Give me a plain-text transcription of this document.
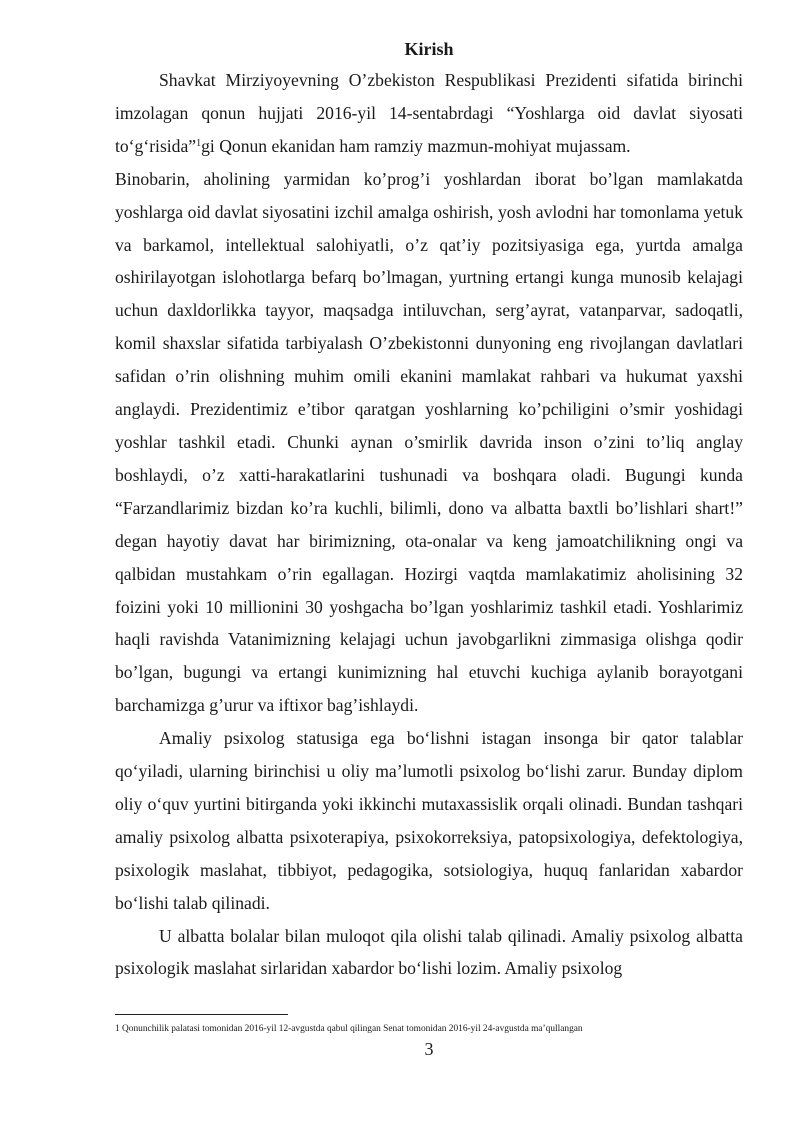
Kirish

Shavkat Mirziyoyevning O’zbekiston Respublikasi Prezidenti sifatida birinchi imzolagan qonun hujjati 2016-yil 14-sentabrdagi “Yoshlarga oid davlat siyosati to‘g‘risida”$^1$gi Qonun ekanidan ham ramziy mazmun-mohiyat mujassam.

Binobarin, aholining yarmidan ko’prog’i yoshlardan iborat bo’lgan mamlakatda yoshlarga oid davlat siyosatini izchil amalga oshirish, yosh avlodni har tomonlama yetuk va barkamol, intellektual salohiyatli, o’z qat’iy pozitsiyasiga ega, yurtda amalga oshirilayotgan islohotlarga befarq bo’lmagan, yurtning ertangi kunga munosib kelajagi uchun daxldorlikka tayyor, maqsadga intiluvchan, serg’ayrat, vatanparvar, sadoqatli, komil shaxslar sifatida tarbiyalash O’zbekistonni dunyoning eng rivojlangan davlatlari safidan o’rin olishning muhim omili ekanini mamlakat rahbari va hukumat yaxshi anglaydi. Prezidentimiz e’tibor qaratgan yoshlarning ko’pchiligini o’smir yoshidagi yoshlar tashkil etadi. Chunki aynan o’smirlik davrida inson o’zini to’liq anglay boshlaydi, o’z xatti-harakatlarini tushunadi va boshqara oladi. Bugungi kunda “Farzandlarimiz bizdan ko’ra kuchli, bilimli, dono va albatta baxtli bo’lishlari shart!” degan hayotiy davat har birimizning, ota-onalar va keng jamoatchilikning ongi va qalbidan mustahkam o’rin egallagan. Hozirgi vaqtda mamlakatimiz aholisining 32 foizini yoki 10 millionini 30 yoshgacha bo’lgan yoshlarimiz tashkil etadi. Yoshlarimiz haqli ravishda Vatanimizning kelajagi uchun javobgarlikni zimmasiga olishga qodir bo’lgan, bugungi va ertangi kunimizning hal etuvchi kuchiga aylanib borayotgani barchamizga g’urur va iftixor bag’ishlaydi.

Amaliy psixolog statusiga ega bo‘lishni istagan insonga bir qator talablar qo‘yiladi, ularning birinchisi u oliy ma’lumotli psixolog bo‘lishi zarur. Bunday diplom oliy o‘quv yurtini bitirganda yoki ikkinchi mutaxassislik orqali olinadi. Bundan tashqari amaliy psixolog albatta psixoterapiya, psixokorreksiya, patopsixologiya, defektologiya, psixologik maslahat, tibbiyot, pedagogika, sotsiologiya, huquq fanlaridan xabardor bo‘lishi talab qilinadi.

U albatta bolalar bilan muloqot qila olishi talab qilinadi. Amaliy psixolog albatta psixologik maslahat sirlaridan xabardor bo‘lishi lozim. Amaliy psixolog

1 Qonunchilik palatasi tomonidan 2016-yil 12-avgustda qabul qilingan Senat tomonidan 2016-yil 24-avgustda ma’qullangan
3
